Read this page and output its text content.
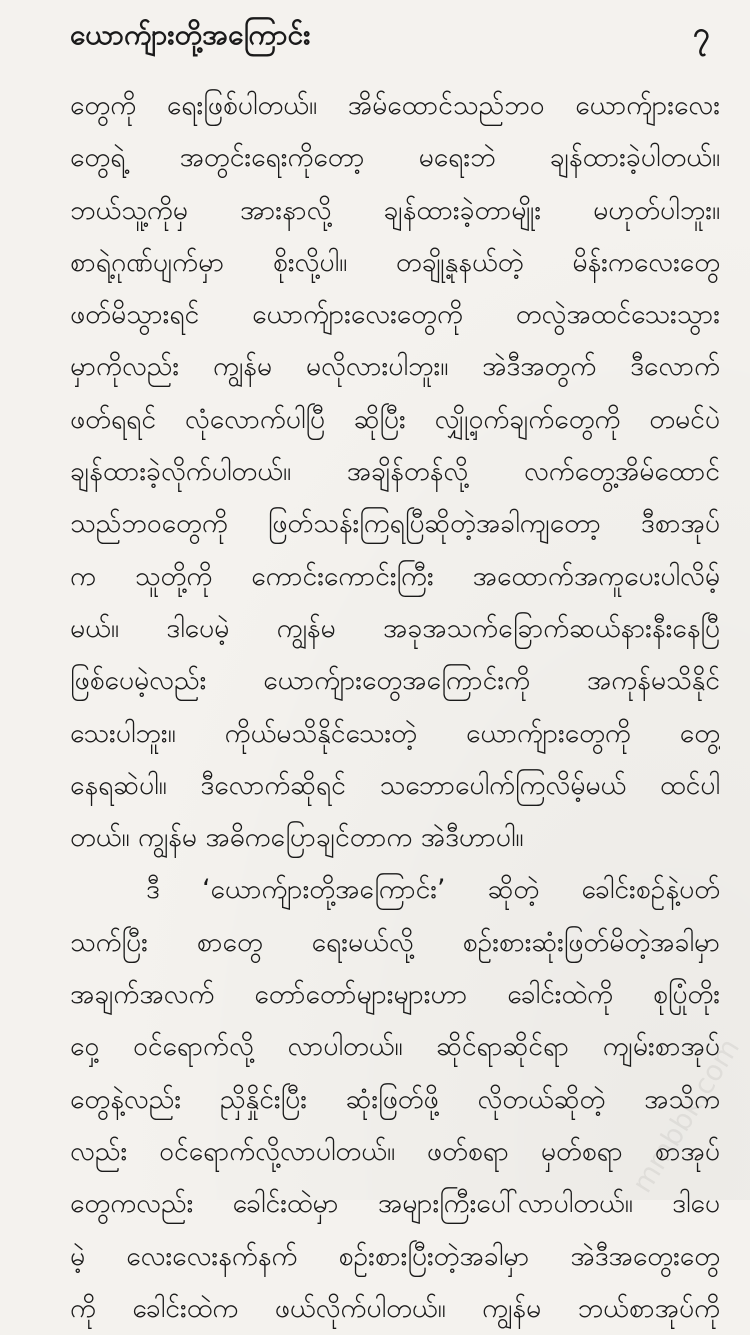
ယောက်ျားတို့အကြောင်း	၇
တွေကို ရေးဖြစ်ပါတယ်။ အိမ်ထောင်သည်ဘဝ ယောက်ျားလေး
တွေရဲ့ အတွင်းရေးကိုတော့ မရေးဘဲ ချန်ထားခဲ့ပါတယ်။
ဘယ်သူ့ကိုမှ အားနာလို့ ချန်ထားခဲ့တာမျိုး မဟုတ်ပါဘူး။
စာရဲ့ဂုဏ်ပျက်မှာ စိုးလို့ပါ။ တချို့နုနယ်တဲ့ မိန်းကလေးတွေ
ဖတ်မိသွားရင် ယောက်ျားလေးတွေကို တလွဲအထင်သေးသွား
မှာကိုလည်း ကျွန်မ မလိုလားပါဘူး။ အဲဒီအတွက် ဒီလောက်
ဖတ်ရရင် လုံလောက်ပါပြီ ဆိုပြီး လျှို့ဝှက်ချက်တွေကို တမင်ပဲ
ချန်ထားခဲ့လိုက်ပါတယ်။ အချိန်တန်လို့ လက်တွေ့အိမ်ထောင်
သည်ဘဝတွေကို ဖြတ်သန်းကြရပြီဆိုတဲ့အခါကျတော့ ဒီစာအုပ်
က သူတို့ကို ကောင်းကောင်းကြီး အထောက်အကူပေးပါလိမ့်
မယ်။ ဒါပေမဲ့ ကျွန်မ အခုအသက်ခြောက်ဆယ်နားနီးနေပြီ
ဖြစ်ပေမဲ့လည်း ယောက်ျားတွေအကြောင်းကို အကုန်မသိနိုင်
သေးပါဘူး။ ကိုယ်မသိနိုင်သေးတဲ့ ယောက်ျားတွေကို တွေ့
နေရဆဲပါ။ ဒီလောက်ဆိုရင် သဘောပေါက်ကြလိမ့်မယ် ထင်ပါ
တယ်။ ကျွန်မ အဓိကပြောချင်တာက အဲဒီဟာပါ။
ဒီ ‘ယောက်ျားတို့အကြောင်း’ ဆိုတဲ့ ခေါင်းစဉ်နဲ့ပတ်
သက်ပြီး စာတွေ ရေးမယ်လို့ စဉ်းစားဆုံးဖြတ်မိတဲ့အခါမှာ
အချက်အလက် တော်တော်များများဟာ ခေါင်းထဲကို စုပြုံတိုး
ဝှေ့ ဝင်ရောက်လို့ လာပါတယ်။ ဆိုင်ရာဆိုင်ရာ ကျမ်းစာအုပ်
တွေနဲ့လည်း ညှိနှိုင်းပြီး ဆုံးဖြတ်ဖို့ လိုတယ်ဆိုတဲ့ အသိက
လည်း ဝင်ရောက်လို့လာပါတယ်။ ဖတ်စရာ မှတ်စရာ စာအုပ်
တွေကလည်း ခေါင်းထဲမှာ အများကြီးပေါ်လာပါတယ်။ ဒါပေ
မဲ့ လေးလေးနက်နက် စဉ်းစားပြီးတဲ့အခါမှာ အဲဒီအတွေးတွေ
ကို ခေါင်းထဲက ဖယ်လိုက်ပါတယ်။ ကျွန်မ ဘယ်စာအုပ်ကို
mmbbk.com
